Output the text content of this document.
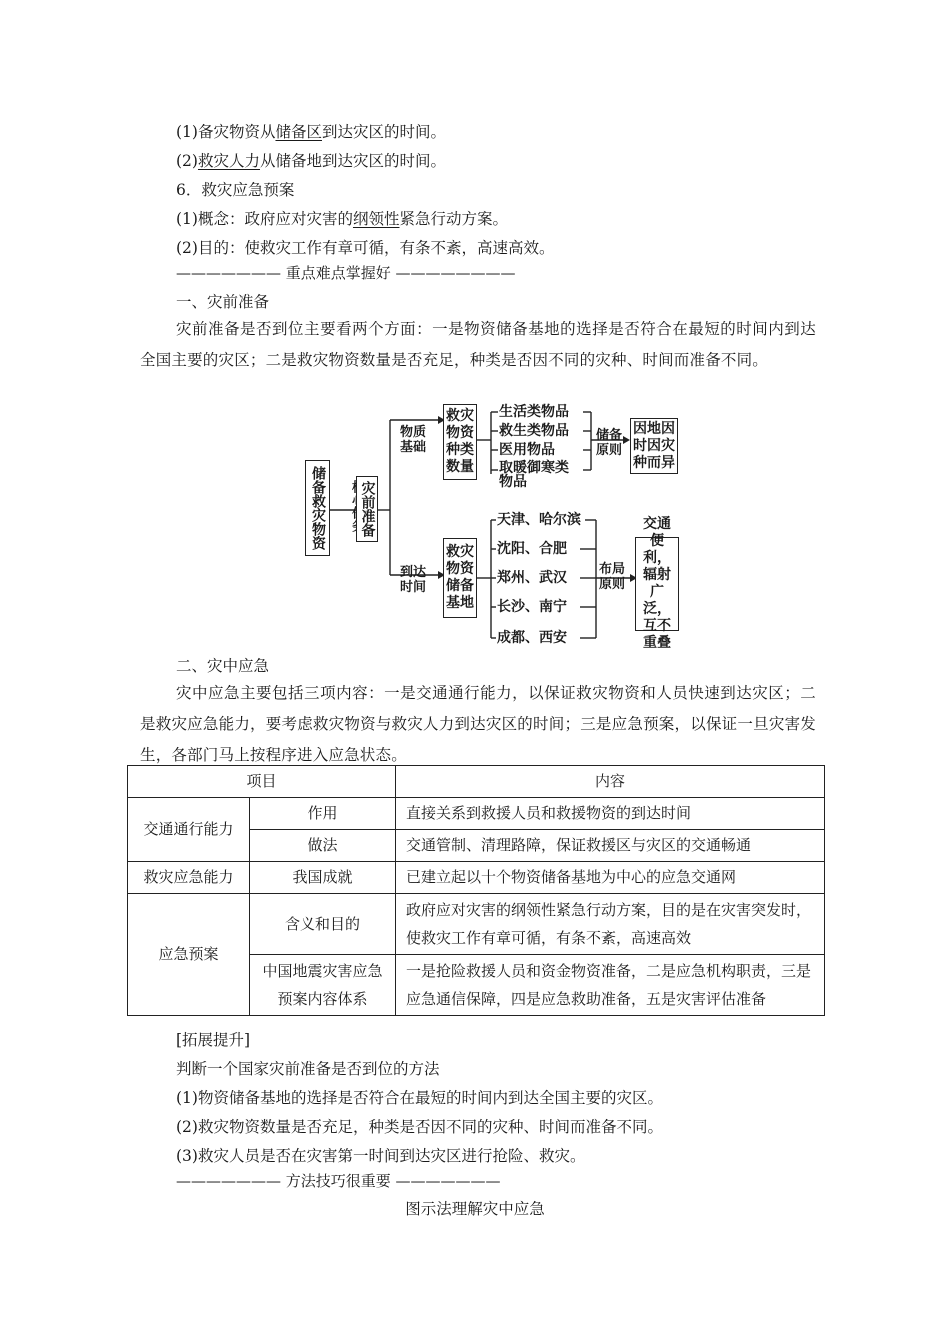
(1)备灾物资从储备区到达灾区的时间。
(2)救灾人力从储备地到达灾区的时间。
6．救灾应急预案
(1)概念：政府应对灾害的纲领性紧急行动方案。
(2)目的：使救灾工作有章可循，有条不紊，高速高效。
——————— 重点难点掌握好 ————————
一、灾前准备
灾前准备是否到位主要看两个方面：一是物资储备基地的选择是否符合在最短的时间内到达全国主要的灾区；二是救灾物资数量是否充足，种类是否因不同的灾种、时间而准备不同。
储备救灾物资 灾前准备
物质基础
救灾物资种类数量
生活类物品
救生类物品
医用物品
取暖御寒类物品
储备原则
因地因时因灾种而异
到达时间
救灾物资储备基地
天津、哈尔滨
沈阳、合肥
郑州、武汉
长沙、南宁
成都、西安
布局原则
交通便利，辐射广泛，互不重叠
二、灾中应急
灾中应急主要包括三项内容：一是交通通行能力，以保证救灾物资和人员快速到达灾区；二是救灾应急能力，要考虑救灾物资与救灾人力到达灾区的时间；三是应急预案，以保证一旦灾害发生，各部门马上按程序进入应急状态。
项目		内容
交通通行能力	作用	直接关系到救援人员和救援物资的到达时间
	做法	交通管制、清理路障，保证救援区与灾区的交通畅通
救灾应急能力	我国成就	已建立起以十个物资储备基地为中心的应急交通网
应急预案	含义和目的	政府应对灾害的纲领性紧急行动方案，目的是在灾害突发时，使救灾工作有章可循，有条不紊，高速高效
	中国地震灾害应急预案内容体系	一是抢险救援人员和资金物资准备，二是应急机构职责，三是应急通信保障，四是应急救助准备，五是灾害评估准备
[拓展提升]
判断一个国家灾前准备是否到位的方法
(1)物资储备基地的选择是否符合在最短的时间内到达全国主要的灾区。
(2)救灾物资数量是否充足，种类是否因不同的灾种、时间而准备不同。
(3)救灾人员是否在灾害第一时间到达灾区进行抢险、救灾。
——————— 方法技巧很重要 ———————
图示法理解灾中应急
